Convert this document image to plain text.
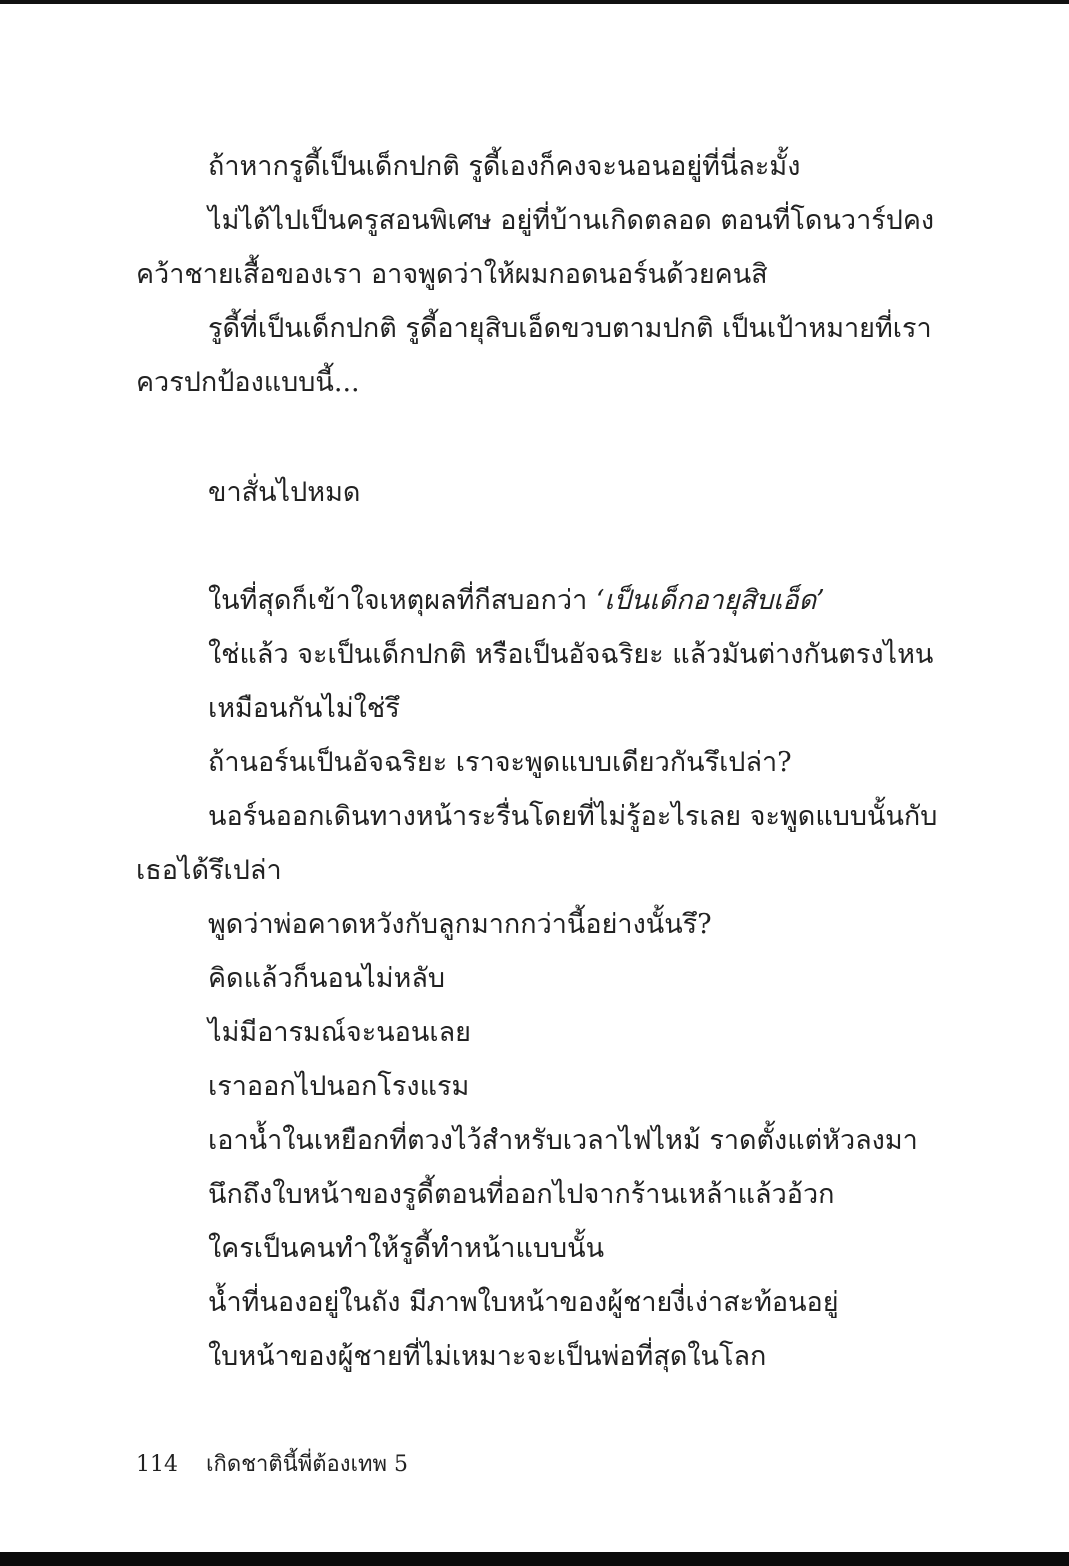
ถ้าหากรูดี้เป็นเด็กปกติ รูดี้เองก็คงจะนอนอยู่ที่นี่ละมั้ง
ไม่ได้ไปเป็นครูสอนพิเศษ อยู่ที่บ้านเกิดตลอด ตอนที่โดนวาร์ปคง
คว้าชายเสื้อของเรา อาจพูดว่าให้ผมกอดนอร์นด้วยคนสิ
รูดี้ที่เป็นเด็กปกติ รูดี้อายุสิบเอ็ดขวบตามปกติ เป็นเป้าหมายที่เรา
ควรปกป้องแบบนี้...
ขาสั่นไปหมด
ในที่สุดก็เข้าใจเหตุผลที่กีสบอกว่า ‘เป็นเด็กอายุสิบเอ็ด’
ใช่แล้ว จะเป็นเด็กปกติ หรือเป็นอัจฉริยะ แล้วมันต่างกันตรงไหน
เหมือนกันไม่ใช่รึ
ถ้านอร์นเป็นอัจฉริยะ เราจะพูดแบบเดียวกันรึเปล่า?
นอร์นออกเดินทางหน้าระรื่นโดยที่ไม่รู้อะไรเลย จะพูดแบบนั้นกับ
เธอได้รึเปล่า
พูดว่าพ่อคาดหวังกับลูกมากกว่านี้อย่างนั้นรึ?
คิดแล้วก็นอนไม่หลับ
ไม่มีอารมณ์จะนอนเลย
เราออกไปนอกโรงแรม
เอาน้ำในเหยือกที่ตวงไว้สำหรับเวลาไฟไหม้ ราดตั้งแต่หัวลงมา
นึกถึงใบหน้าของรูดี้ตอนที่ออกไปจากร้านเหล้าแล้วอ้วก
ใครเป็นคนทำให้รูดี้ทำหน้าแบบนั้น
น้ำที่นองอยู่ในถัง มีภาพใบหน้าของผู้ชายงี่เง่าสะท้อนอยู่
ใบหน้าของผู้ชายที่ไม่เหมาะจะเป็นพ่อที่สุดในโลก
114 เกิดชาตินี้พี่ต้องเทพ 5
